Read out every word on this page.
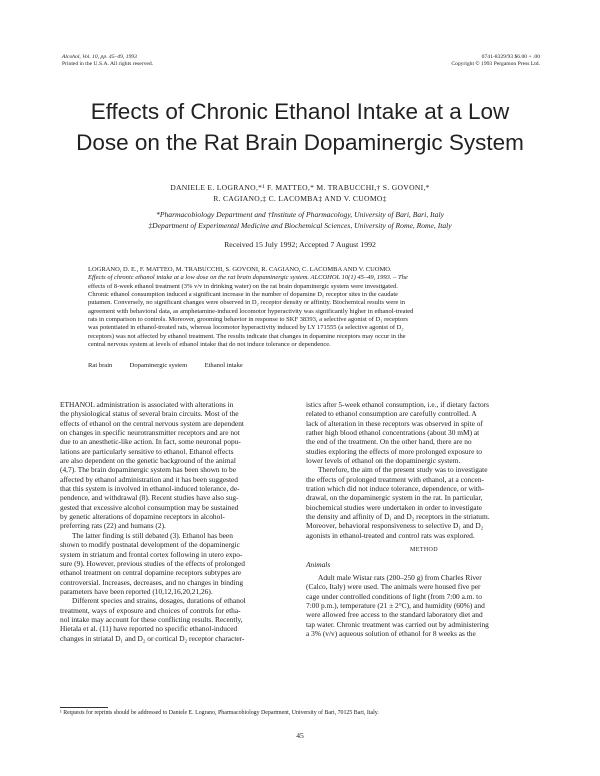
Alcohol, Vol. 10, pp. 45–49, 1993
Printed in the U.S.A. All rights reserved.
0741-8329/93 $6.00 + .00
Copyright © 1993 Pergamon Press Ltd.
Effects of Chronic Ethanol Intake at a Low
Dose on the Rat Brain Dopaminergic System
DANIELE E. LOGRANO,*¹ F. MATTEO,* M. TRABUCCHI,† S. GOVONI,*
R. CAGIANO,‡ C. LACOMBA‡ AND V. CUOMO‡
*Pharmacobiology Department and †Institute of Pharmacology, University of Bari, Bari, Italy
‡Department of Experimental Medicine and Biochemical Sciences, University of Rome, Rome, Italy
Received 15 July 1992; Accepted 7 August 1992
LOGRANO, D. E., F. MATTEO, M. TRABUCCHI, S. GOVONI, R. CAGIANO, C. LACOMBA AND V. CUOMO.
Effects of chronic ethanol intake at a low dose on the rat brain dopaminergic system. ALCOHOL 10(1) 45–49, 1993. – The
effects of 8-week ethanol treatment (3% v/v in drinking water) on the rat brain dopaminergic system were investigated.
Chronic ethanol consumption induced a significant increase in the number of dopamine D₁ receptor sites in the caudate
putamen. Conversely, no significant changes were observed in D₂ receptor density or affinity. Biochemical results were in
agreement with behavioral data, as amphetamine-induced locomotor hyperactivity was significantly higher in ethanol-treated
rats in comparison to controls. Moreover, grooming behavior in response to SKF 38393, a selective agonist of D₁ receptors
was potentiated in ethanol-treated rats, whereas locomotor hyperactivity induced by LY 171555 (a selective agonist of D₂
receptors) was not affected by ethanol treatment. The results indicate that changes in dopamine receptors may occur in the
central nervous system at levels of ethanol intake that do not induce tolerance or dependence.
Rat brain	Dopaminergic system	Ethanol intake
ETHANOL administration is associated with alterations in
the physiological status of several brain circuits. Most of the
effects of ethanol on the central nervous system are dependent
on changes in specific neurotransmitter receptors and are not
due to an anesthetic-like action. In fact, some neuronal popu-
lations are particularly sensitive to ethanol. Ethanol effects
are also dependent on the genetic background of the animal
(4,7). The brain dopaminergic system has been shown to be
affected by ethanol administration and it has been suggested
that this system is involved in ethanol-induced tolerance, de-
pendence, and withdrawal (8). Recent studies have also sug-
gested that excessive alcohol consumption may be sustained
by genetic alterations of dopamine receptors in alcohol-
preferring rats (22) and humans (2).
The latter finding is still debated (3). Ethanol has been
shown to modify postnatal development of the dopaminergic
system in striatum and frontal cortex following in utero expo-
sure (9). However, previous studies of the effects of prolonged
ethanol treatment on central dopamine receptors subtypes are
controversial. Increases, decreases, and no changes in binding
parameters have been reported (10,12,16,20,21,26).
Different species and strains, dosages, durations of ethanol
treatment, ways of exposure and choices of controls for etha-
nol intake may account for these conflicting results. Recently,
Hietala et al. (11) have reported no specific ethanol-induced
changes in striatal D₁ and D₂ or cortical D₂ receptor character-
istics after 5-week ethanol consumption, i.e., if dietary factors
related to ethanol consumption are carefully controlled. A
lack of alteration in these receptors was observed in spite of
rather high blood ethanol concentrations (about 30 mM) at
the end of the treatment. On the other hand, there are no
studies exploring the effects of more prolonged exposure to
lower levels of ethanol on the dopaminergic system.
Therefore, the aim of the present study was to investigate
the effects of prolonged treatment with ethanol, at a concen-
tration which did not induce tolerance, dependence, or with-
drawal, on the dopaminergic system in the rat. In particular,
biochemical studies were undertaken in order to investigate
the density and affinity of D₁ and D₂ receptors in the striatum.
Moreover, behavioral responsiveness to selective D₁ and D₂
agonists in ethanol-treated and control rats was explored.
METHOD
Animals
Adult male Wistar rats (200–250 g) from Charles River
(Calco, Italy) were used. The animals were housed five per
cage under controlled conditions of light (from 7:00 a.m. to
7:00 p.m.), temperature (21 ± 2°C), and humidity (60%) and
were allowed free access to the standard laboratory diet and
tap water. Chronic treatment was carried out by administering
a 3% (v/v) aqueous solution of ethanol for 8 weeks as the
¹ Requests for reprints should be addressed to Daniele E. Lograno, Pharmacobiology Department, University of Bari, 70125 Bari, Italy.
45
